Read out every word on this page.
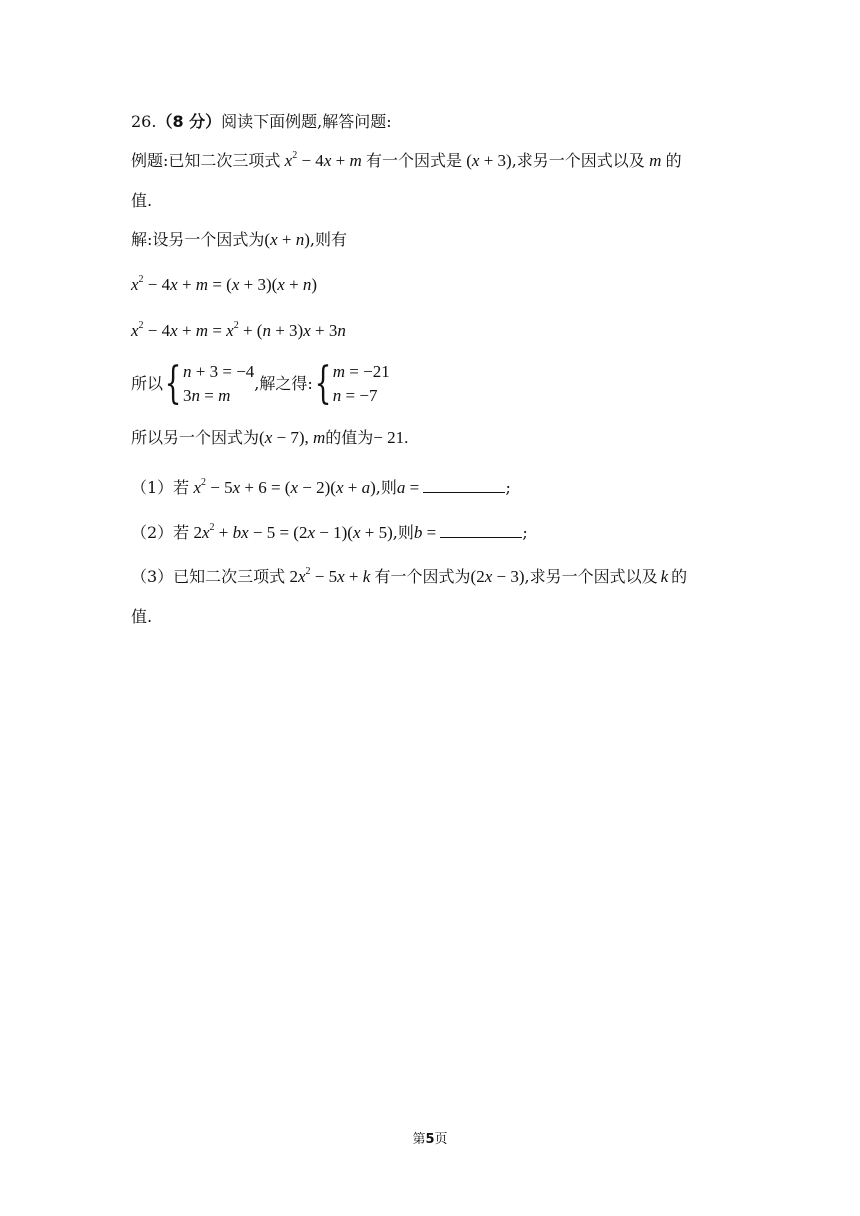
26.（8 分）阅读下面例题,解答问题:
例题:已知二次三项式 $x^2 - 4x + m$ 有一个因式是 (x + 3),求另一个因式以及 m 的
值.
解:设另一个因式为(x + n),则有
$x^2 - 4x + m = (x + 3)(x + n)$
$x^2 - 4x + m = x^2 + (n + 3)x + 3n$
所以{ n + 3 = −4
3n = m
,解之得:{ m = −21
n = −7
所以另一个因式为(x − 7), m的值为− 21.
（1）若 $x^2 - 5x + 6 = (x - 2)(x + a)$,则a =	;
（2）若 $2x^2$ + bx − 5 = (2x − 1)(x + 5),则b =	;
（3）已知二次三项式 $2x^2 - 5x + k$ 有一个因式为(2x − 3),求另一个因式以及 k 的
值.
第5页
